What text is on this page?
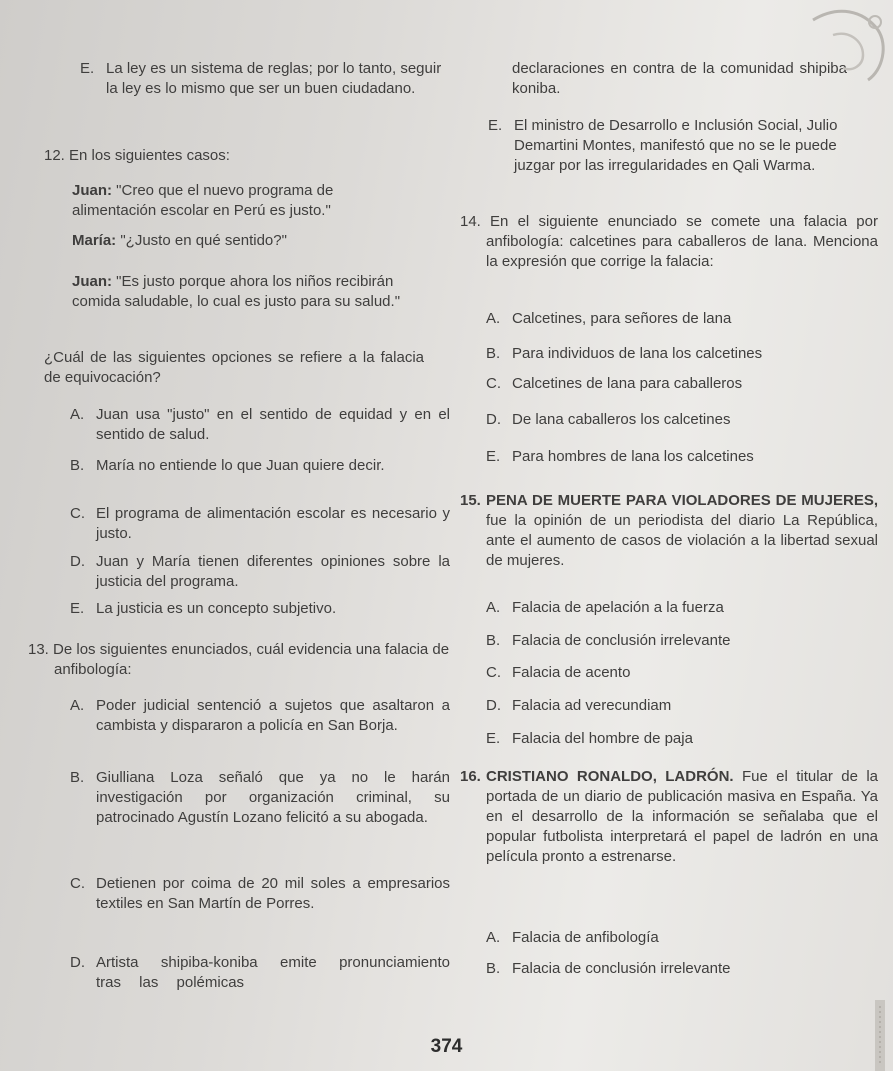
E. La ley es un sistema de reglas; por lo tanto, seguir la ley es lo mismo que ser un buen ciudadano.
12. En los siguientes casos:
Juan: "Creo que el nuevo programa de alimentación escolar en Perú es justo."
María: "¿Justo en qué sentido?"
Juan: "Es justo porque ahora los niños recibirán comida saludable, lo cual es justo para su salud."
¿Cuál de las siguientes opciones se refiere a la falacia de equivocación?
A. Juan usa "justo" en el sentido de equidad y en el sentido de salud.
B. María no entiende lo que Juan quiere decir.
C. El programa de alimentación escolar es necesario y justo.
D. Juan y María tienen diferentes opiniones sobre la justicia del programa.
E. La justicia es un concepto subjetivo.
13. De los siguientes enunciados, cuál evidencia una falacia de anfibología:
A. Poder judicial sentenció a sujetos que asaltaron a cambista y dispararon a policía en San Borja.
B. Giulliana Loza señaló que ya no le harán investigación por organización criminal, su patrocinado Agustín Lozano felicitó a su abogada.
C. Detienen por coima de 20 mil soles a empresarios textiles en San Martín de Porres.
D. Artista shipiba-koniba emite pronunciamiento tras las polémicas
declaraciones en contra de la comunidad shipiba-koniba.
E. El ministro de Desarrollo e Inclusión Social, Julio Demartini Montes, manifestó que no se le puede juzgar por las irregularidades en Qali Warma.
14. En el siguiente enunciado se comete una falacia por anfibología: calcetines para caballeros de lana. Menciona la expresión que corrige la falacia:
A. Calcetines, para señores de lana
B. Para individuos de lana los calcetines
C. Calcetines de lana para caballeros
D. De lana caballeros los calcetines
E. Para hombres de lana los calcetines
15. PENA DE MUERTE PARA VIOLADORES DE MUJERES, fue la opinión de un periodista del diario La República, ante el aumento de casos de violación a la libertad sexual de mujeres.
A. Falacia de apelación a la fuerza
B. Falacia de conclusión irrelevante
C. Falacia de acento
D. Falacia ad verecundiam
E. Falacia del hombre de paja
16. CRISTIANO RONALDO, LADRÓN. Fue el titular de la portada de un diario de publicación masiva en España. Ya en el desarrollo de la información se señalaba que el popular futbolista interpretará el papel de ladrón en una película pronto a estrenarse.
A. Falacia de anfibología
B. Falacia de conclusión irrelevante
374
